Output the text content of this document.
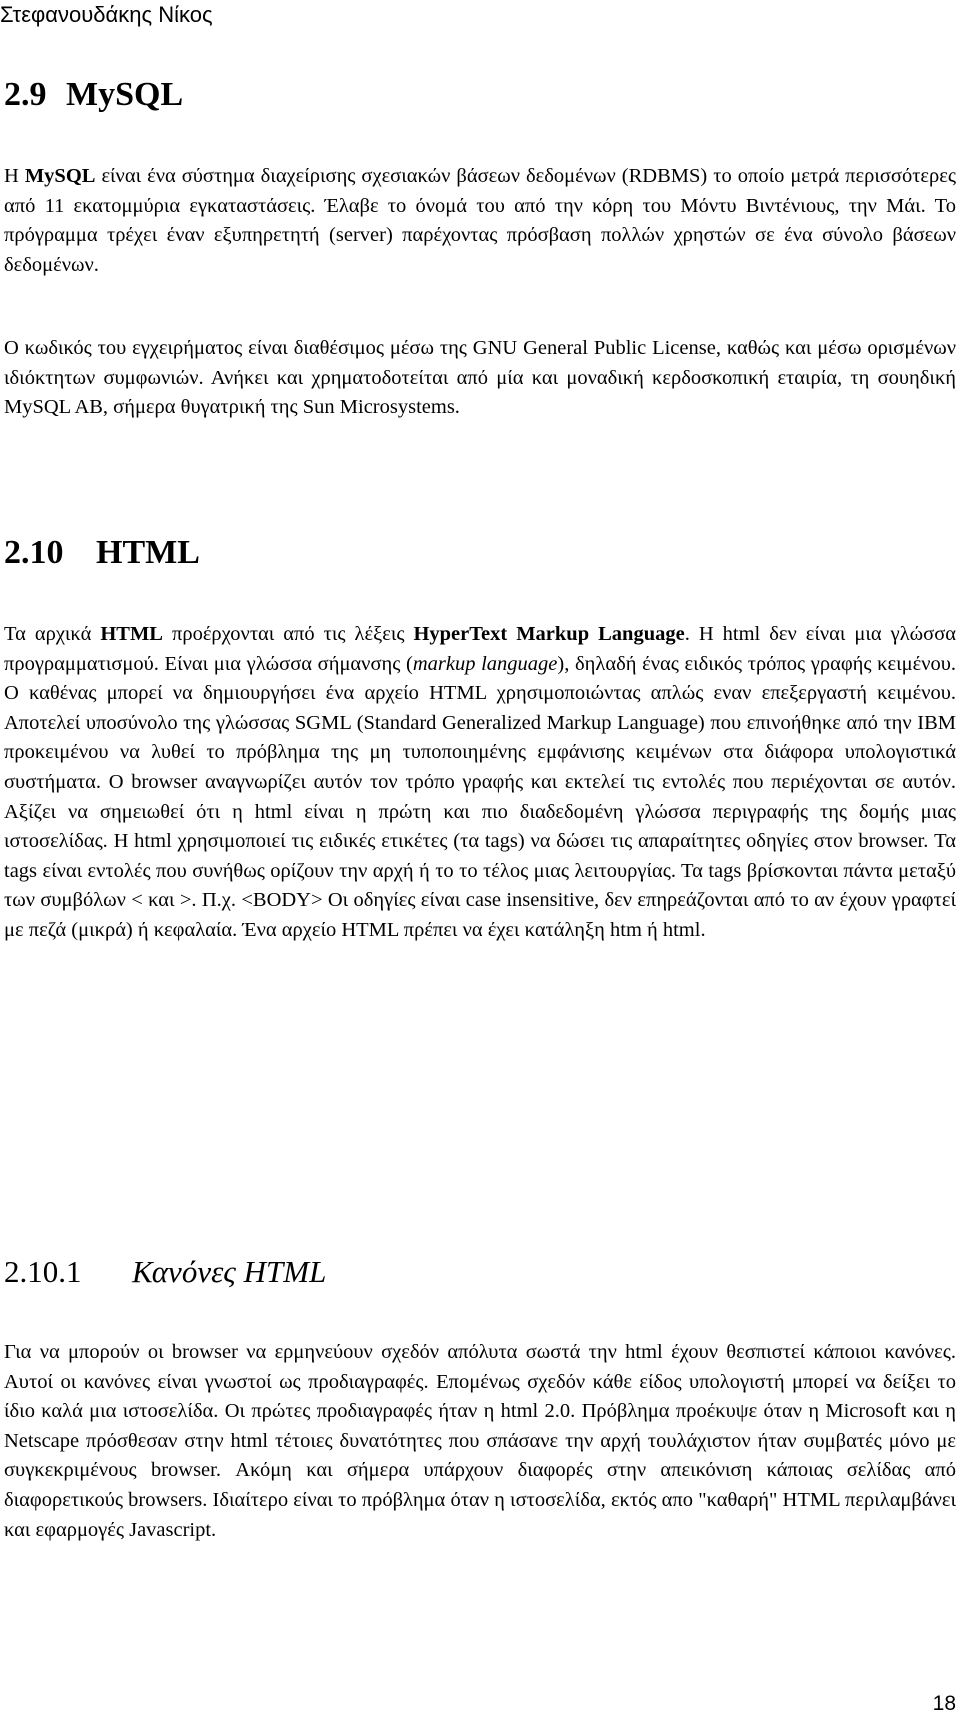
Στεφανουδάκης Νίκος
2.9 MySQL

Η MySQL είναι ένα σύστημα διαχείρισης σχεσιακών βάσεων δεδομένων (RDBMS) το οποίο μετρά περισσότερες από 11 εκατομμύρια εγκαταστάσεις. Έλαβε το όνομά του από την κόρη του Μόντυ Βιντένιους, την Μάι. Το πρόγραμμα τρέχει έναν εξυπηρετητή (server) παρέχοντας πρόσβαση πολλών χρηστών σε ένα σύνολο βάσεων δεδομένων.

Ο κωδικός του εγχειρήματος είναι διαθέσιμος μέσω της GNU General Public License, καθώς και μέσω ορισμένων ιδιόκτητων συμφωνιών. Ανήκει και χρηματοδοτείται από μία και μοναδική κερδοσκοπική εταιρία, τη σουηδική MySQL AB, σήμερα θυγατρική της Sun Microsystems.

2.10 HTML

Τα αρχικά HTML προέρχονται από τις λέξεις HyperText Markup Language. Η html δεν είναι μια γλώσσα προγραμματισμού. Είναι μια γλώσσα σήμανσης (markup language), δηλαδή ένας ειδικός τρόπος γραφής κειμένου. Ο καθένας μπορεί να δημιουργήσει ένα αρχείο HTML χρησιμοποιώντας απλώς εναν επεξεργαστή κειμένου. Αποτελεί υποσύνολο της γλώσσας SGML (Standard Generalized Markup Language) που επινοήθηκε από την IBM προκειμένου να λυθεί το πρόβλημα της μη τυποποιημένης εμφάνισης κειμένων στα διάφορα υπολογιστικά συστήματα. Ο browser αναγνωρίζει αυτόν τον τρόπο γραφής και εκτελεί τις εντολές που περιέχονται σε αυτόν. Αξίζει να σημειωθεί ότι η html είναι η πρώτη και πιο διαδεδομένη γλώσσα περιγραφής της δομής μιας ιστοσελίδας. Η html χρησιμοποιεί τις ειδικές ετικέτες (τα tags) να δώσει τις απαραίτητες οδηγίες στον browser. Τα tags είναι εντολές που συνήθως ορίζουν την αρχή ή το το τέλος μιας λειτουργίας. Τα tags βρίσκονται πάντα μεταξύ των συμβόλων < και >. Π.χ. <BODY> Οι οδηγίες είναι case insensitive, δεν επηρεάζονται από το αν έχουν γραφτεί με πεζά (μικρά) ή κεφαλαία. Ένα αρχείο HTML πρέπει να έχει κατάληξη htm ή html.

2.10.1 Κανόνες HTML

Για να μπορούν οι browser να ερμηνεύουν σχεδόν απόλυτα σωστά την html έχουν θεσπιστεί κάποιοι κανόνες. Αυτοί οι κανόνες είναι γνωστοί ως προδιαγραφές. Επομένως σχεδόν κάθε είδος υπολογιστή μπορεί να δείξει το ίδιο καλά μια ιστοσελίδα. Οι πρώτες προδιαγραφές ήταν η html 2.0. Πρόβλημα προέκυψε όταν η Microsoft και η Netscape πρόσθεσαν στην html τέτοιες δυνατότητες που σπάσανε την αρχή τουλάχιστον ήταν συμβατές μόνο με συγκεκριμένους browser. Ακόμη και σήμερα υπάρχουν διαφορές στην απεικόνιση κάποιας σελίδας από διαφορετικούς browsers. Ιδιαίτερο είναι το πρόβλημα όταν η ιστοσελίδα, εκτός απο "καθαρή" HTML περιλαμβάνει και εφαρμογές Javascript.

18
